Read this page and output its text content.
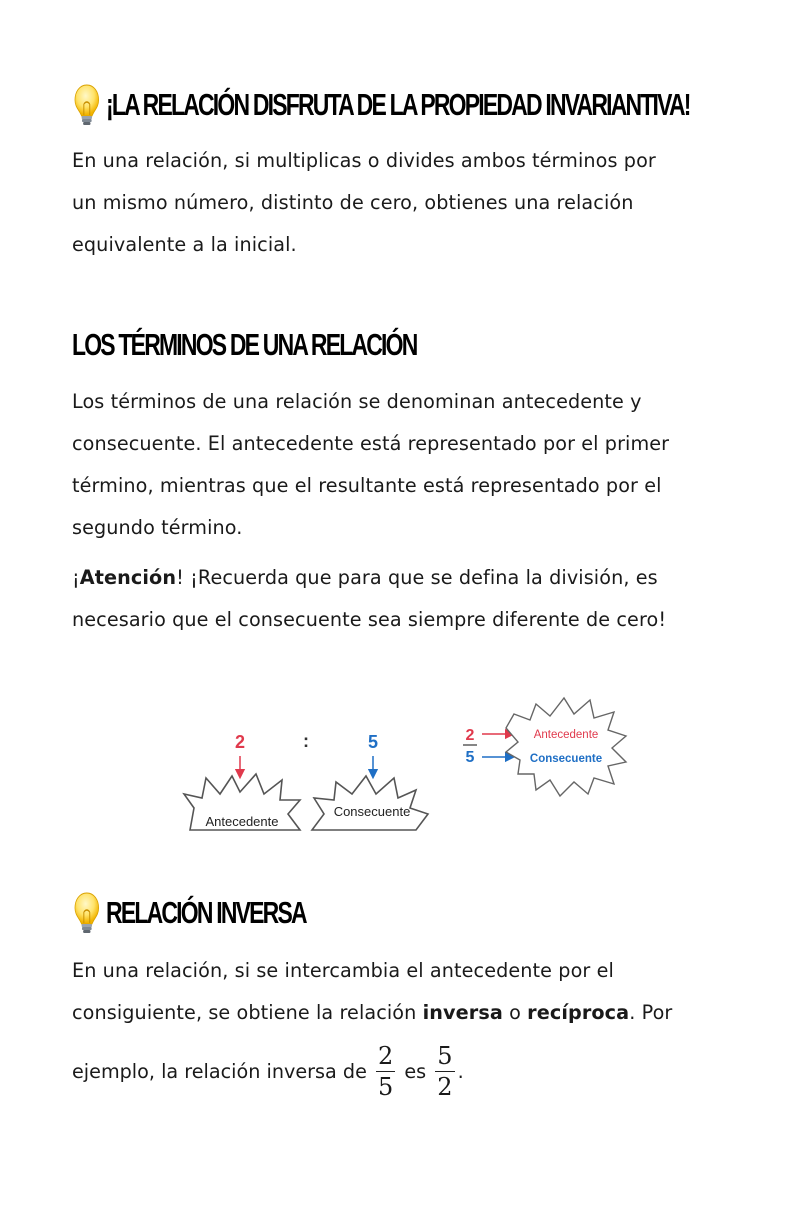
¡LA RELACIÓN DISFRUTA DE LA PROPIEDAD INVARIANTIVA!

En una relación, si multiplicas o divides ambos términos por

un mismo número, distinto de cero, obtienes una relación

equivalente a la inicial.

LOS TÉRMINOS DE UNA RELACIÓN

Los términos de una relación se denominan antecedente y

consecuente. El antecedente está representado por el primer

término, mientras que el resultante está representado por el

segundo término.

¡Atención! ¡Recuerda que para que se defina la división, es

necesario que el consecuente sea siempre diferente de cero!

2	:	5
Antecedente
Consecuente
2
5
Antecedente
Consecuente
RELACIÓN INVERSA

En una relación, si se intercambia el antecedente por el

consiguiente, se obtiene la relación inversa o recíproca. Por

ejemplo, la relación inversa de $\frac{2}{5}$ es $\frac{5}{2}$ .
